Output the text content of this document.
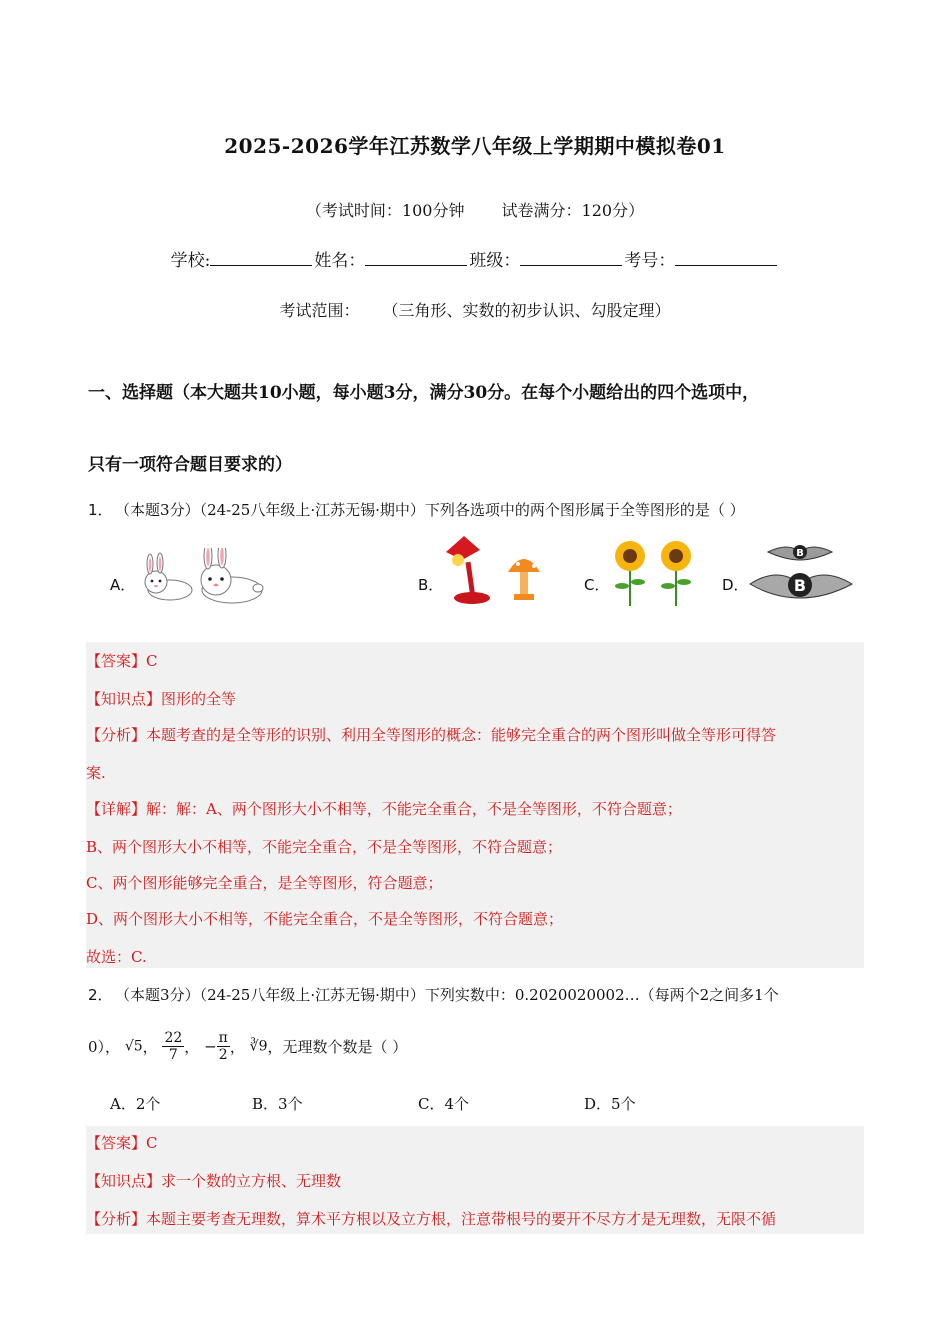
2025-2026学年江苏数学八年级上学期期中模拟卷01
（考试时间：100分钟 试卷满分：120分）
学校:	姓名：	班级：	考号：
考试范围： （三角形、实数的初步认识、勾股定理）
一、选择题（本大题共10小题，每小题3分，满分30分。在每个小题给出的四个选项中，
只有一项符合题目要求的）
1． （本题3分）（24-25八年级上·江苏无锡·期中）下列各选项中的两个图形属于全等图形的是（ ）
A．	B．	C．	D．
B
B
【答案】C
【知识点】图形的全等
【分析】本题考查的是全等形的识别、利用全等图形的概念：能够完全重合的两个图形叫做全等形可得答
案.
【详解】解：解：A、两个图形大小不相等，不能完全重合，不是全等图形，不符合题意；
B、两个图形大小不相等，不能完全重合，不是全等图形，不符合题意；
C、两个图形能够完全重合，是全等图形，符合题意；
D、两个图形大小不相等，不能完全重合，不是全等图形，不符合题意；
故选：C.
2． （本题3分）（24-25八年级上·江苏无锡·期中）下列实数中：0.2020020002…（每两个2之间多1个
0）， √5， $\frac{22}{7}$ ， − $\frac{\pi}{2}$ ， ∛9，无理数个数是（ ）
A．2个	B．3个	C．4个	D．5个
【答案】C
【知识点】求一个数的立方根、无理数
【分析】本题主要考查无理数，算术平方根以及立方根，注意带根号的要开不尽方才是无理数，无限不循
